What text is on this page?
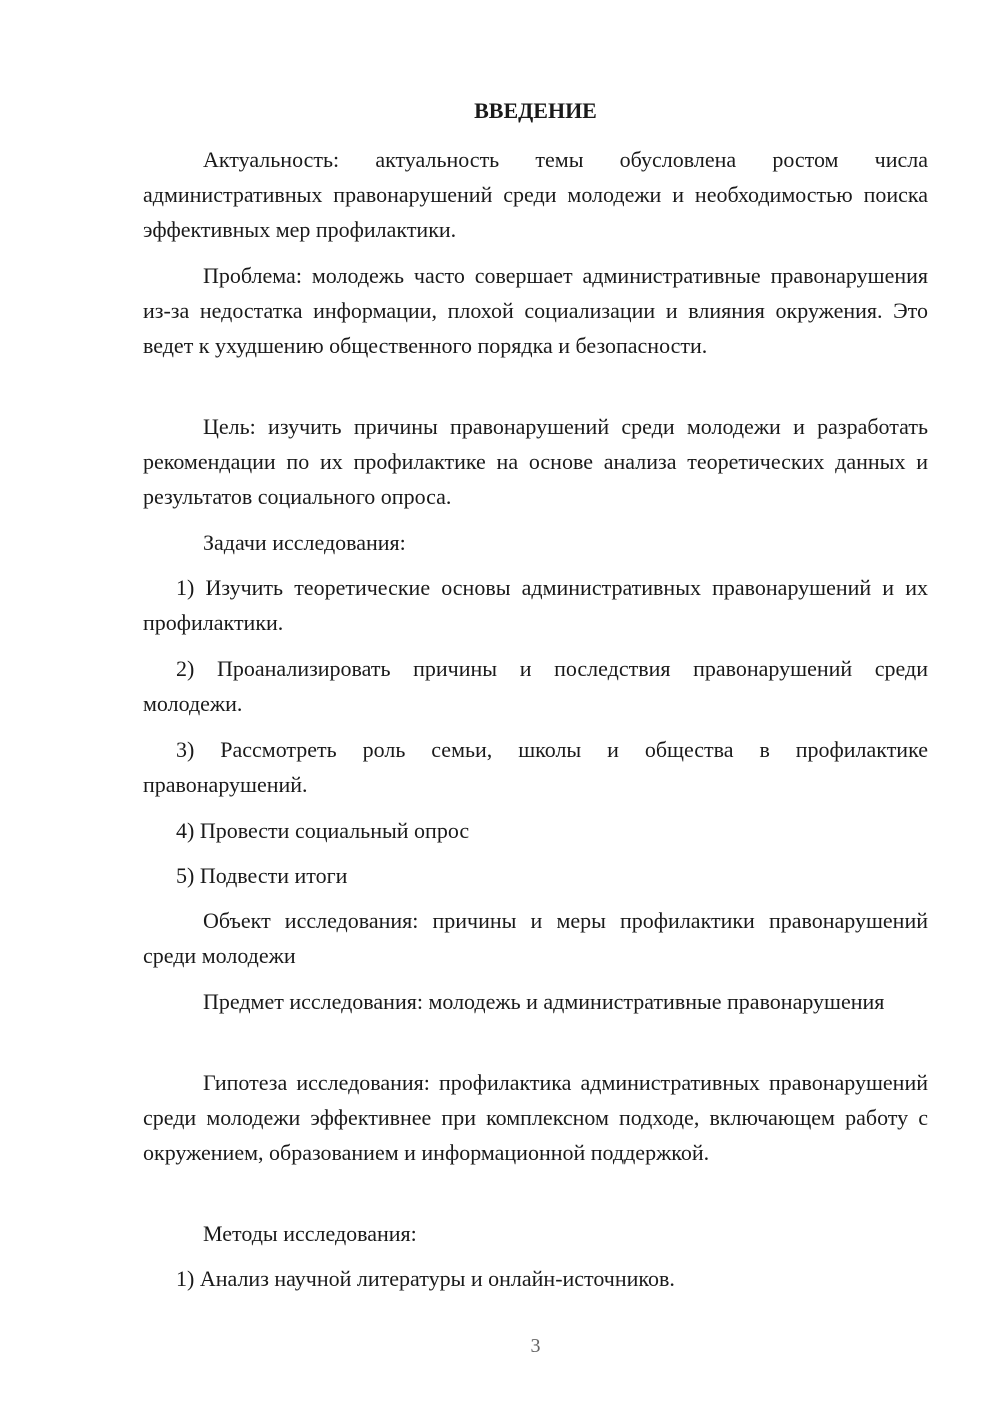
ВВЕДЕНИЕ

Актуальность: актуальность темы обусловлена ростом числа административных правонарушений среди молодежи и необходимостью поиска эффективных мер профилактики.

Проблема: молодежь часто совершает административные правонарушения из-за недостатка информации, плохой социализации и влияния окружения. Это ведет к ухудшению общественного порядка и безопасности.

Цель: изучить причины правонарушений среди молодежи и разработать рекомендации по их профилактике на основе анализа теоретических данных и результатов социального опроса.

Задачи исследования:

1) Изучить теоретические основы административных правонарушений и их профилактики.

2) Проанализировать причины и последствия правонарушений среди молодежи.

3) Рассмотреть роль семьи, школы и общества в профилактике правонарушений.

4) Провести социальный опрос

5) Подвести итоги

Объект исследования: причины и меры профилактики правонарушений среди молодежи

Предмет исследования: молодежь и административные правонарушения

Гипотеза исследования: профилактика административных правонарушений среди молодежи эффективнее при комплексном подходе, включающем работу с окружением, образованием и информационной поддержкой.

Методы исследования:

1) Анализ научной литературы и онлайн-источников.

3
